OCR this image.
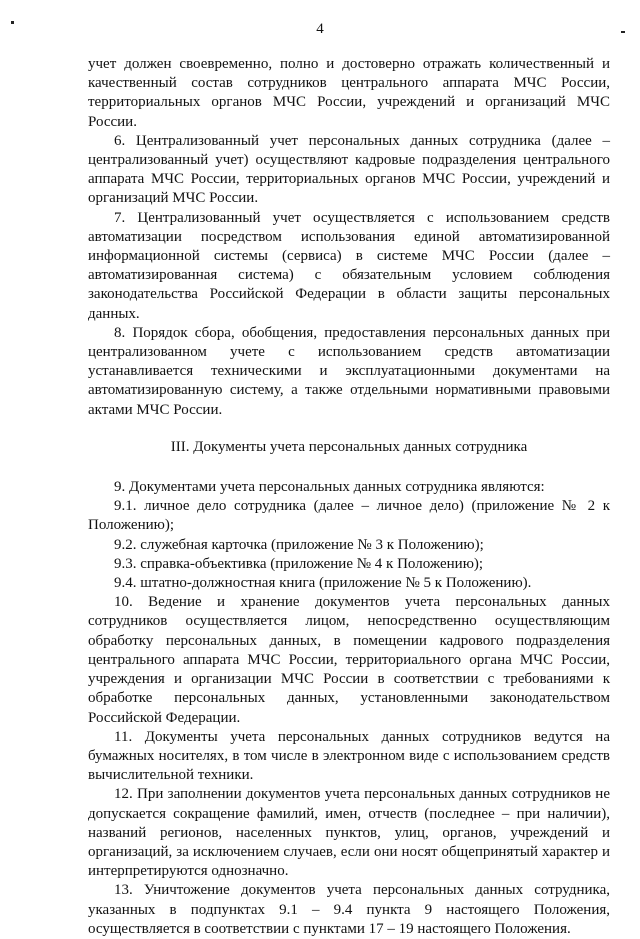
4

учет должен своевременно, полно и достоверно отражать количественный и качественный состав сотрудников центрального аппарата МЧС России, территориальных органов МЧС России, учреждений и организаций МЧС России.

6. Централизованный учет персональных данных сотрудника (далее – централизованный учет) осуществляют кадровые подразделения центрального аппарата МЧС России, территориальных органов МЧС России, учреждений и организаций МЧС России.

7. Централизованный учет осуществляется с использованием средств автоматизации посредством использования единой автоматизированной информационной системы (сервиса) в системе МЧС России (далее – автоматизированная система) с обязательным условием соблюдения законодательства Российской Федерации в области защиты персональных данных.

8. Порядок сбора, обобщения, предоставления персональных данных при централизованном учете с использованием средств автоматизации устанавливается техническими и эксплуатационными документами на автоматизированную систему, а также отдельными нормативными правовыми актами МЧС России.

III. Документы учета персональных данных сотрудника

9. Документами учета персональных данных сотрудника являются:

9.1. личное дело сотрудника (далее – личное дело) (приложение № 2 к Положению);

9.2. служебная карточка (приложение № 3 к Положению);

9.3. справка-объективка (приложение № 4 к Положению);

9.4. штатно-должностная книга (приложение № 5 к Положению).

10. Ведение и хранение документов учета персональных данных сотрудников осуществляется лицом, непосредственно осуществляющим обработку персональных данных, в помещении кадрового подразделения центрального аппарата МЧС России, территориального органа МЧС России, учреждения и организации МЧС России в соответствии с требованиями к обработке персональных данных, установленными законодательством Российской Федерации.

11. Документы учета персональных данных сотрудников ведутся на бумажных носителях, в том числе в электронном виде с использованием средств вычислительной техники.

12. При заполнении документов учета персональных данных сотрудников не допускается сокращение фамилий, имен, отчеств (последнее – при наличии), названий регионов, населенных пунктов, улиц, органов, учреждений и организаций, за исключением случаев, если они носят общепринятый характер и интерпретируются однозначно.

13. Уничтожение документов учета персональных данных сотрудника, указанных в подпунктах 9.1 – 9.4 пункта 9 настоящего Положения, осуществляется в соответствии с пунктами 17 – 19 настоящего Положения.
